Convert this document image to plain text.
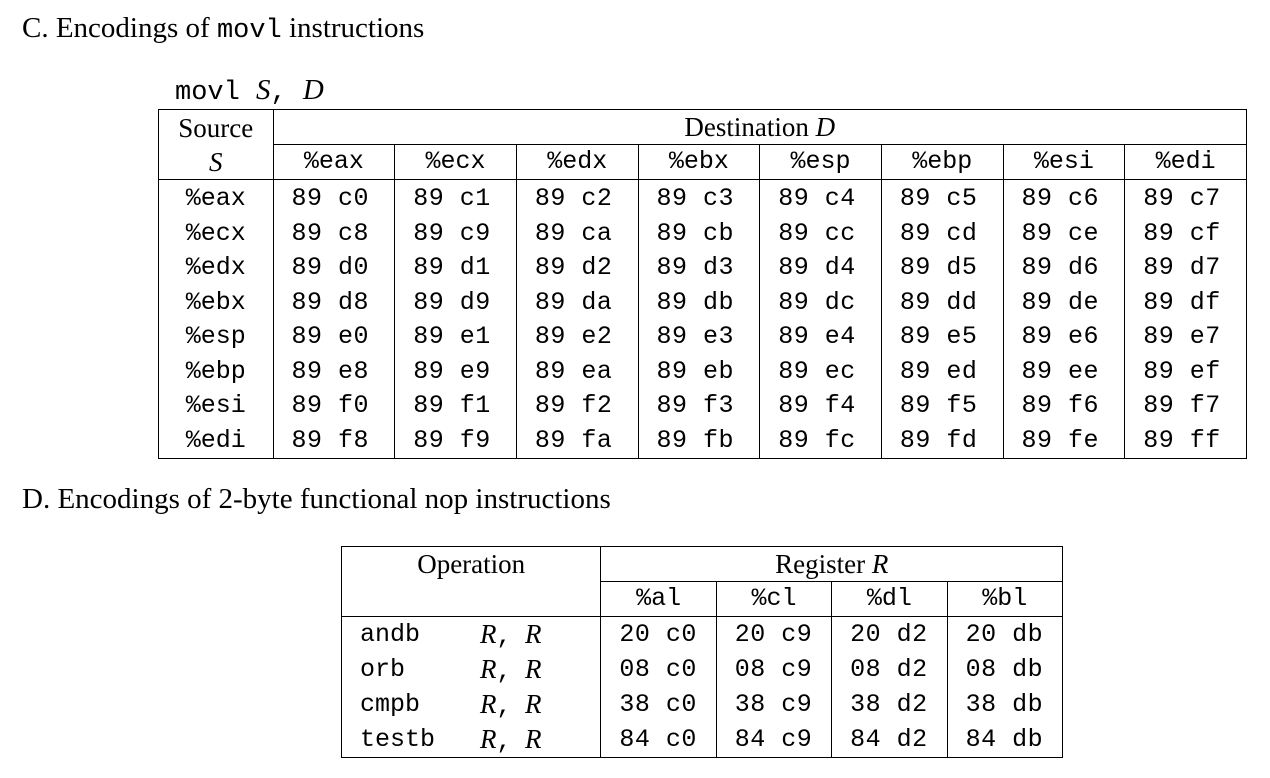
C. Encodings of movl instructions
movl S, D
Source
S	Destination D							
	%eax	%ecx	%edx	%ebx	%esp	%ebp	%esi	%edi
%eax	89 c0	89 c1	89 c2	89 c3	89 c4	89 c5	89 c6	89 c7
%ecx	89 c8	89 c9	89 ca	89 cb	89 cc	89 cd	89 ce	89 cf
%edx	89 d0	89 d1	89 d2	89 d3	89 d4	89 d5	89 d6	89 d7
%ebx	89 d8	89 d9	89 da	89 db	89 dc	89 dd	89 de	89 df
%esp	89 e0	89 e1	89 e2	89 e3	89 e4	89 e5	89 e6	89 e7
%ebp	89 e8	89 e9	89 ea	89 eb	89 ec	89 ed	89 ee	89 ef
%esi	89 f0	89 f1	89 f2	89 f3	89 f4	89 f5	89 f6	89 f7
%edi	89 f8	89 f9	89 fa	89 fb	89 fc	89 fd	89 fe	89 ff
D. Encodings of 2-byte functional nop instructions
Operation		Register R			
		%al	%cl	%dl	%bl
andb	R, R	20 c0	20 c9	20 d2	20 db
orb	R, R	08 c0	08 c9	08 d2	08 db
cmpb	R, R	38 c0	38 c9	38 d2	38 db
testb	R, R	84 c0	84 c9	84 d2	84 db
